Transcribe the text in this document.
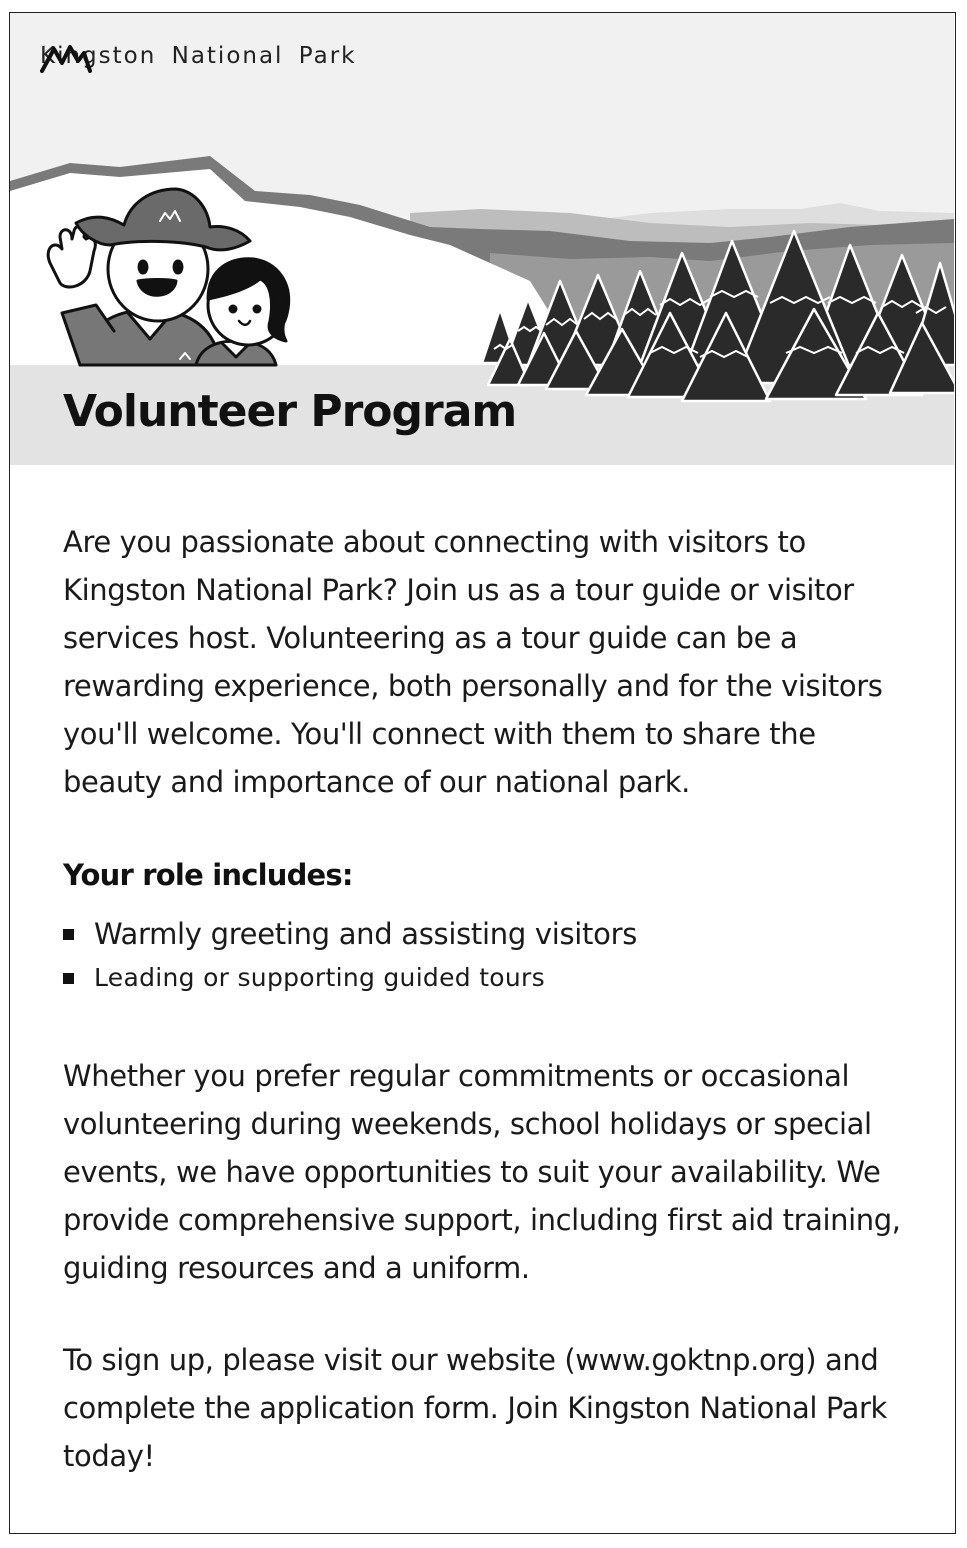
Kingston National Park
Volunteer Program

Are you passionate about connecting with visitors to Kingston National Park? Join us as a tour guide or visitor services host. Volunteering as a tour guide can be a rewarding experience, both personally and for the visitors you'll welcome. You'll connect with them to share the beauty and importance of our national park.

Your role includes:
Warmly greeting and assisting visitors
Leading or supporting guided tours

Whether you prefer regular commitments or occasional volunteering during weekends, school holidays or special events, we have opportunities to suit your availability. We provide comprehensive support, including first aid training, guiding resources and a uniform.

To sign up, please visit our website (www.goktnp.org) and complete the application form. Join Kingston National Park today!
